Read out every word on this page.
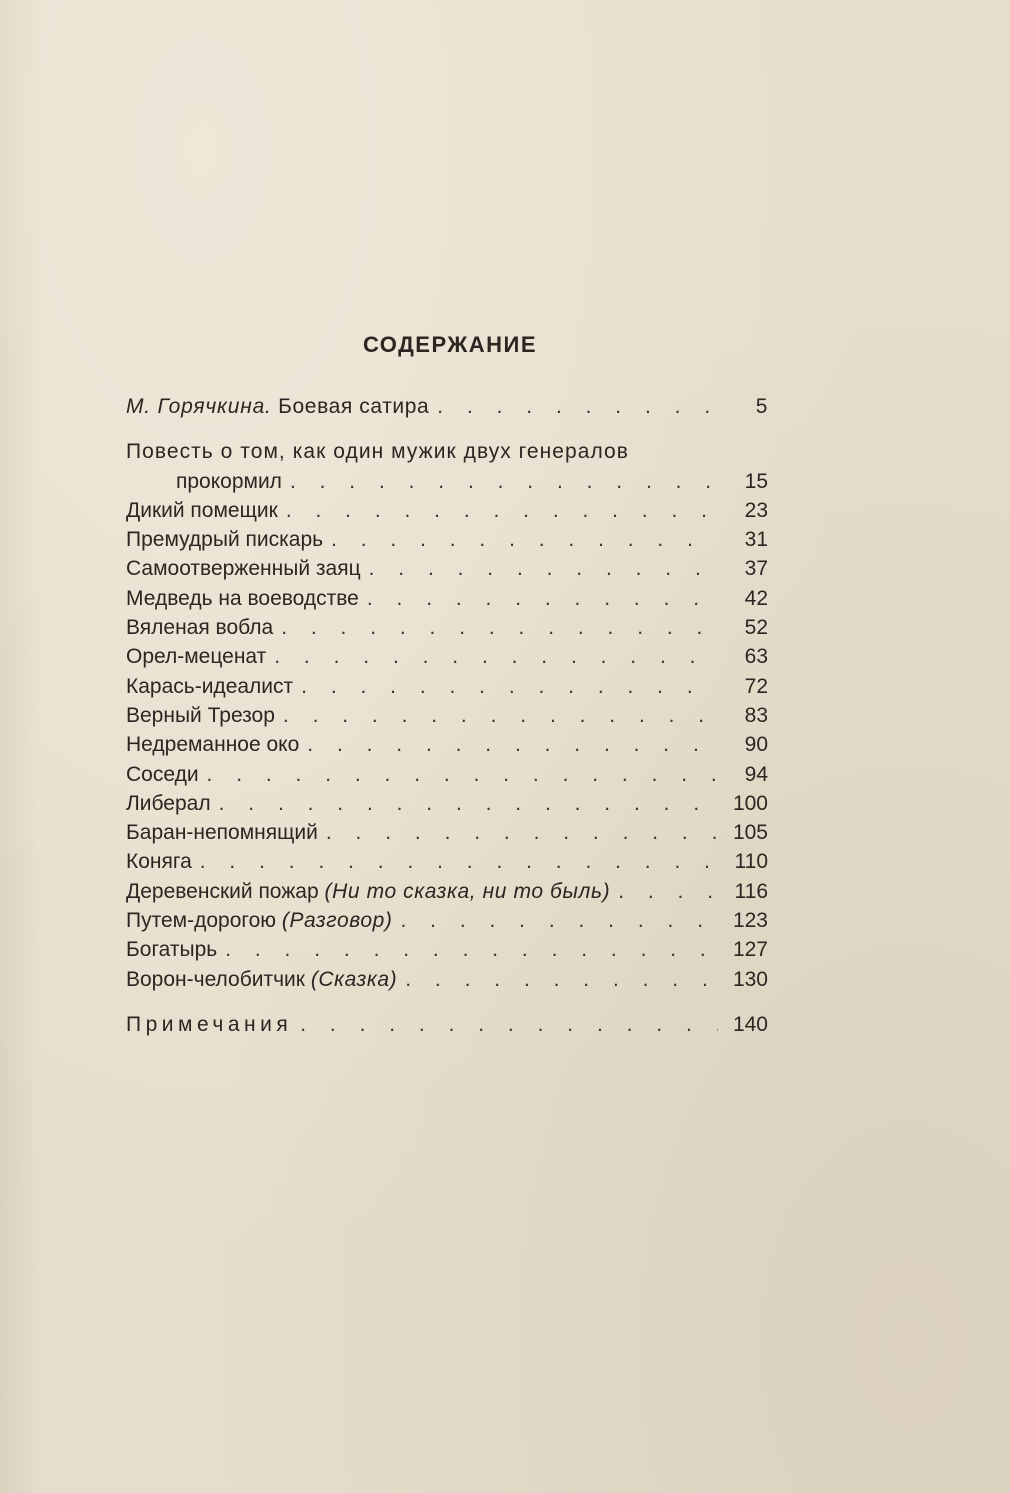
СОДЕРЖАНИЕ
М. Горячкина. Боевая сатира . . .	5
Повесть о том, как один мужик двух генералов
прокормил . . .	15
Дикий помещик . . .	23
Премудрый пискарь . . .	31
Самоотверженный заяц . . .	37
Медведь на воеводстве . . .	42
Вяленая вобла . . .	52
Орел-меценат . . .	63
Карась-идеалист . . .	72
Верный Трезор . . .	83
Недреманное око . . .	90
Соседи . . .	94
Либерал . . .	100
Баран-непомнящий . . .	105
Коняга . . .	110
Деревенский пожар (Ни то сказка, ни то быль) . . .	116
Путем-дорогою (Разговор) . . .	123
Богатырь . . .	127
Ворон-челобитчик (Сказка) . . .	130
Примечания . . .	140
